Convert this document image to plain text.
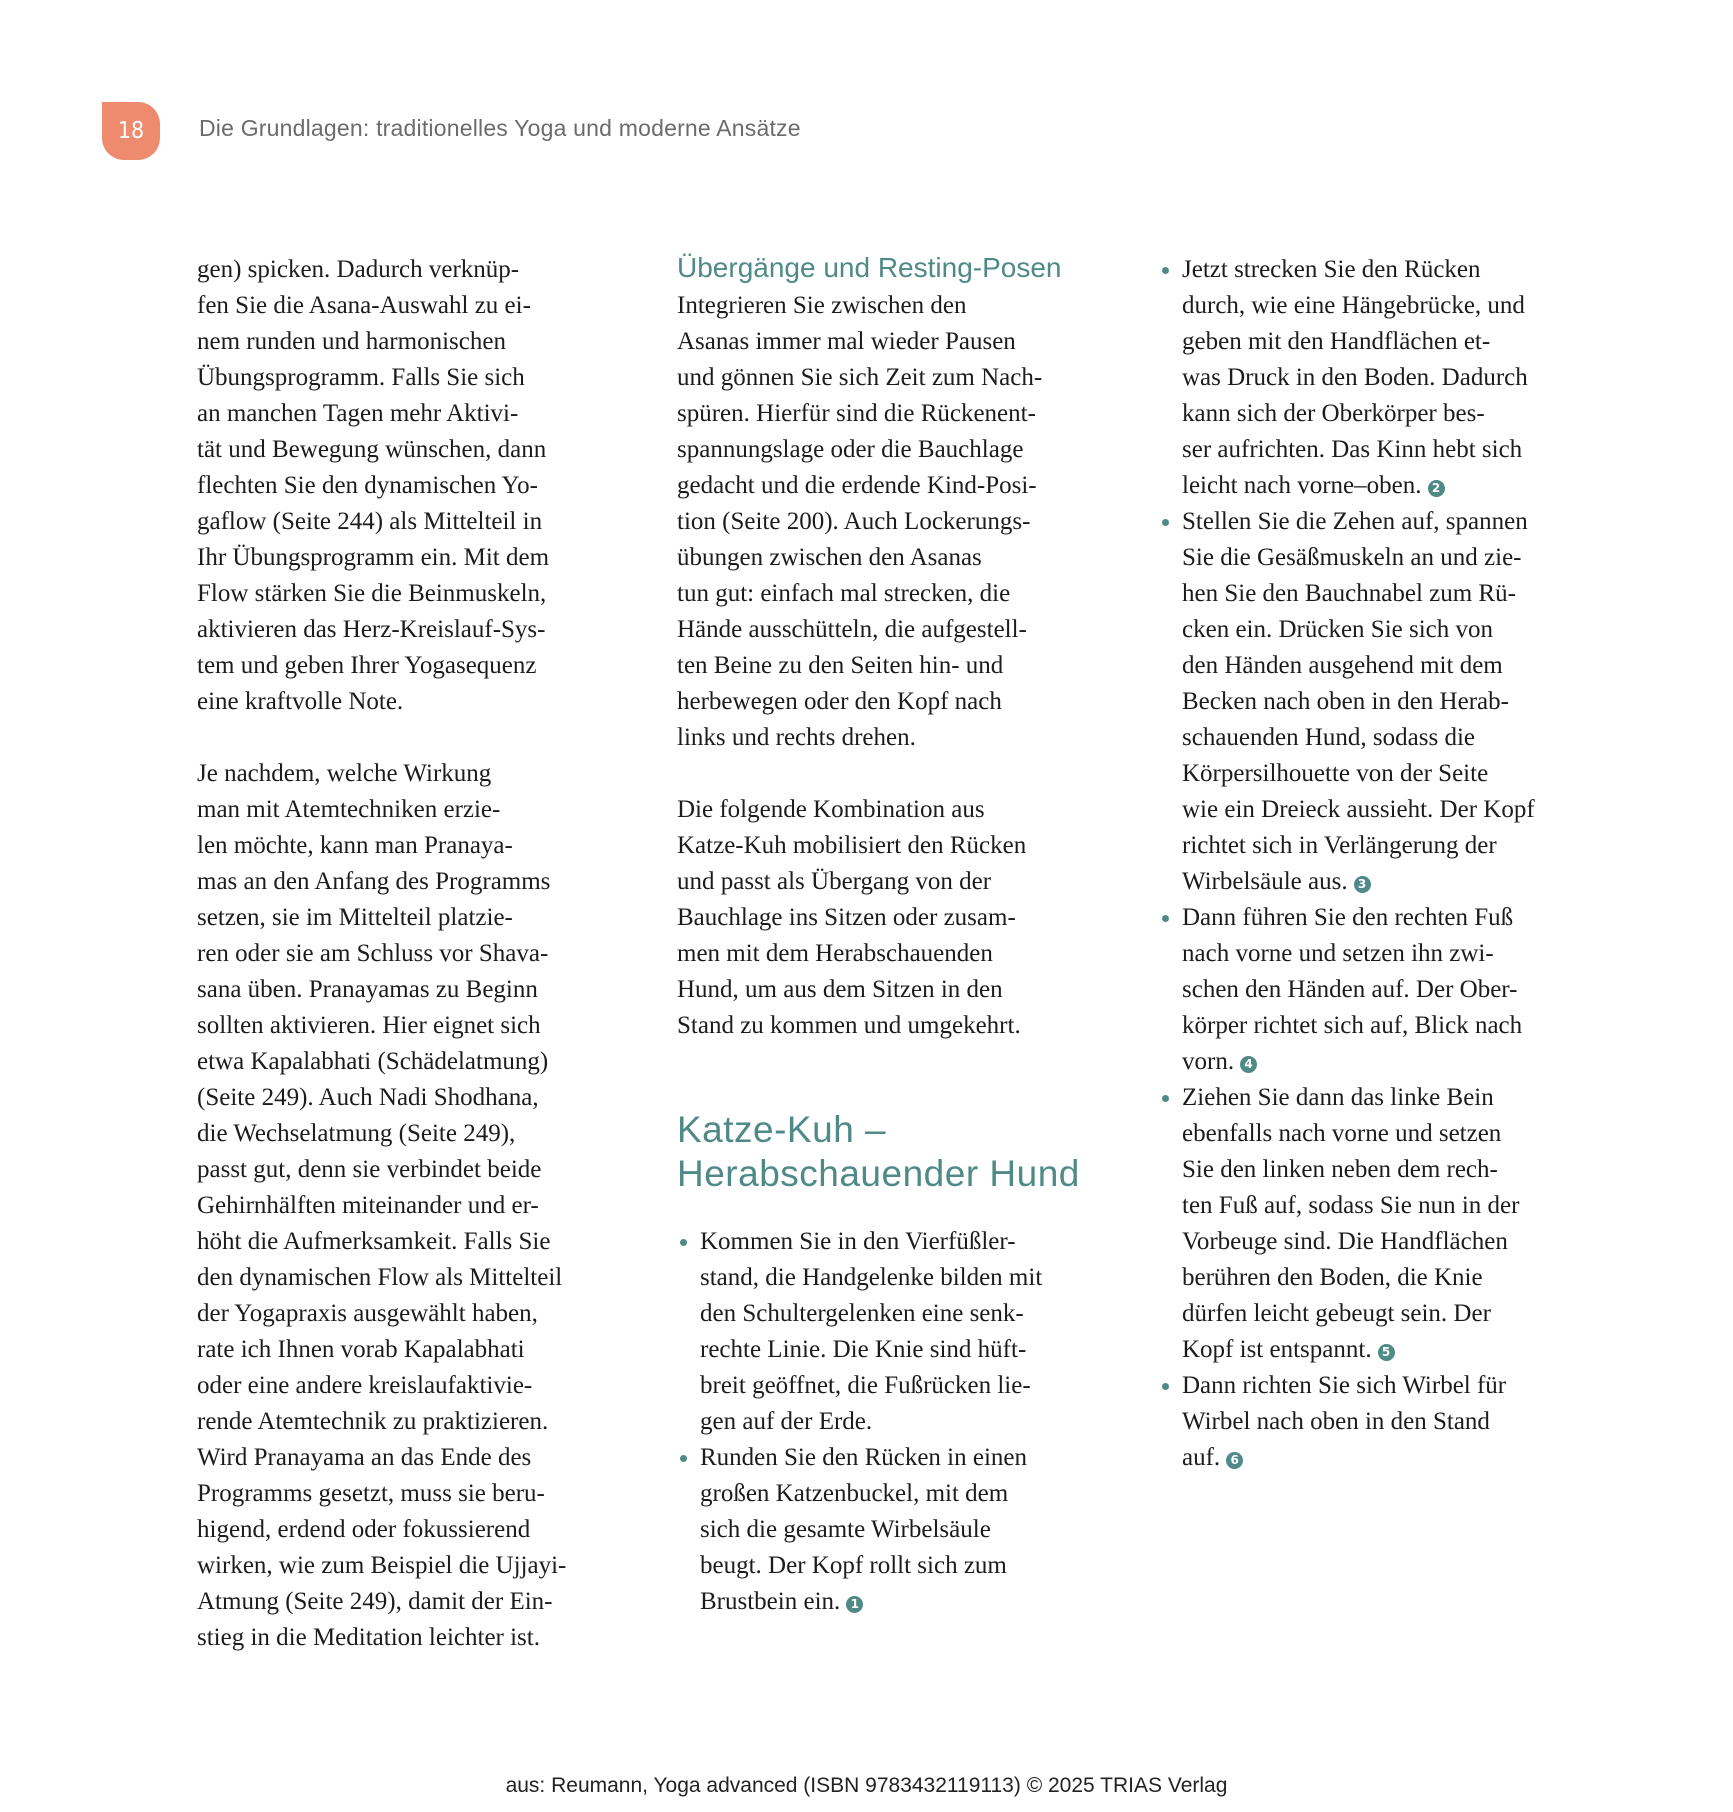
18 Die Grundlagen: traditionelles Yoga und moderne Ansätze
gen) spicken. Dadurch verknüp-
fen Sie die Asana-Auswahl zu ei-
nem runden und harmonischen
Übungsprogramm. Falls Sie sich
an manchen Tagen mehr Aktivi-
tät und Bewegung wünschen, dann
flechten Sie den dynamischen Yo-
gaflow (Seite 244) als Mittelteil in
Ihr Übungsprogramm ein. Mit dem
Flow stärken Sie die Beinmuskeln,
aktivieren das Herz-Kreislauf-Sys-
tem und geben Ihrer Yogasequenz
eine kraftvolle Note.
Je nachdem, welche Wirkung
man mit Atemtechniken erzie-
len möchte, kann man Pranaya-
mas an den Anfang des Programms
setzen, sie im Mittelteil platzie-
ren oder sie am Schluss vor Shava-
sana üben. Pranayamas zu Beginn
sollten aktivieren. Hier eignet sich
etwa Kapalabhati (Schädelatmung)
(Seite 249). Auch Nadi Shodhana,
die Wechselatmung (Seite 249),
passt gut, denn sie verbindet beide
Gehirnhälften miteinander und er-
höht die Aufmerksamkeit. Falls Sie
den dynamischen Flow als Mittelteil
der Yogapraxis ausgewählt haben,
rate ich Ihnen vorab Kapalabhati
oder eine andere kreislaufaktivie-
rende Atemtechnik zu praktizieren.
Wird Pranayama an das Ende des
Programms gesetzt, muss sie beru-
higend, erdend oder fokussierend
wirken, wie zum Beispiel die Ujjayi-
Atmung (Seite 249), damit der Ein-
stieg in die Meditation leichter ist.
Übergänge und Resting-Posen
Integrieren Sie zwischen den
Asanas immer mal wieder Pausen
und gönnen Sie sich Zeit zum Nach-
spüren. Hierfür sind die Rückenent-
spannungslage oder die Bauchlage
gedacht und die erdende Kind-Posi-
tion (Seite 200). Auch Lockerungs-
übungen zwischen den Asanas
tun gut: einfach mal strecken, die
Hände ausschütteln, die aufgestell-
ten Beine zu den Seiten hin- und
herbewegen oder den Kopf nach
links und rechts drehen.
Die folgende Kombination aus
Katze-Kuh mobilisiert den Rücken
und passt als Übergang von der
Bauchlage ins Sitzen oder zusam-
men mit dem Herabschauenden
Hund, um aus dem Sitzen in den
Stand zu kommen und umgekehrt.
Kommen Sie in den Vierfüßler-
stand, die Handgelenke bilden mit
den Schultergelenken eine senk-
rechte Linie. Die Knie sind hüft-
breit geöffnet, die Fußrücken lie-
gen auf der Erde.
Runden Sie den Rücken in einen
großen Katzenbuckel, mit dem
sich die gesamte Wirbelsäule
beugt. Der Kopf rollt sich zum
Brustbein ein. 1
Jetzt strecken Sie den Rücken
durch, wie eine Hängebrücke, und
geben mit den Handflächen et-
was Druck in den Boden. Dadurch
kann sich der Oberkörper bes-
ser aufrichten. Das Kinn hebt sich
leicht nach vorne–oben. 2
Stellen Sie die Zehen auf, spannen
Sie die Gesäßmuskeln an und zie-
hen Sie den Bauchnabel zum Rü-
cken ein. Drücken Sie sich von
den Händen ausgehend mit dem
Becken nach oben in den Herab-
schauenden Hund, sodass die
Körpersilhouette von der Seite
wie ein Dreieck aussieht. Der Kopf
richtet sich in Verlängerung der
Wirbelsäule aus. 3
Dann führen Sie den rechten Fuß
nach vorne und setzen ihn zwi-
schen den Händen auf. Der Ober-
körper richtet sich auf, Blick nach
vorn. 4
Ziehen Sie dann das linke Bein
ebenfalls nach vorne und setzen
Sie den linken neben dem rech-
ten Fuß auf, sodass Sie nun in der
Vorbeuge sind. Die Handflächen
berühren den Boden, die Knie
dürfen leicht gebeugt sein. Der
Kopf ist entspannt. 5
Dann richten Sie sich Wirbel für
Wirbel nach oben in den Stand
auf. 6
Katze-Kuh –
Herabschauender Hund
aus: Reumann, Yoga advanced (ISBN 9783432119113) © 2025 TRIAS Verlag
